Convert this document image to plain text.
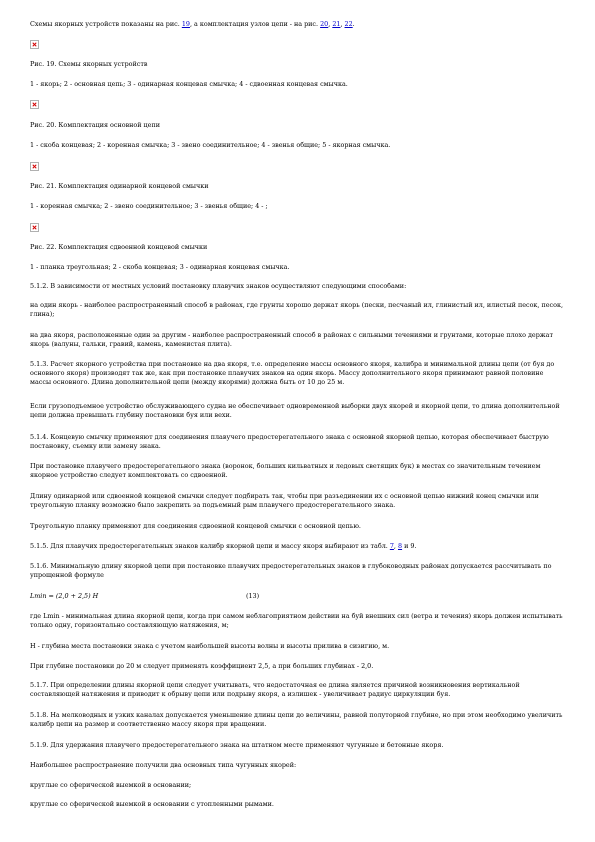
Схемы якорных устройств показаны на рис. 19, а комплектация узлов цепи - на рис. 20, 21, 22.

Рис. 19. Схемы якорных устройств

1 - якорь; 2 - основная цепь; 3 - одинарная концевая смычка; 4 - сдвоенная концевая смычка.

Рис. 20. Комплектация основной цепи

1 - скоба концевая; 2 - коренная смычка; 3 - звено соединительное; 4 - звенья общие; 5 - якорная смычка.

Рис. 21. Комплектация одинарной концевой смычки

1 - коренная смычка; 2 - звено соединительное; 3 - звенья общие; 4 - ;

Рис. 22. Комплектация сдвоенной концевой смычки

1 - планка треугольная; 2 - скоба концевая; 3 - одинарная концевая смычка.

5.1.2. В зависимости от местных условий постановку плавучих знаков осуществляют следующими способами:

на один якорь - наиболее распространенный способ в районах, где грунты хорошо держат якорь (пески, песчаный ил, глинистый ил, илистый песок, песок, глина);

на два якоря, расположенные один за другим - наиболее распространенный способ в районах с сильными течениями и грунтами, которые плохо держат якорь (валуны, гальки, гравий, камень, каменистая плита).

5.1.3. Расчет якорного устройства при постановке на два якоря, т.е. определение массы основного якоря, калибра и минимальной длины цепи (от буя до основного якоря) производят так же, как при постановке плавучих знаков на один якорь. Массу дополнительного якоря принимают равной половине массы основного. Длина дополнительной цепи (между якорями) должна быть от 10 до 25 м.

Если грузоподъемное устройство обслуживающего судна не обеспечивает одновременной выборки двух якорей и якорной цепи, то длина дополнительной цепи должна превышать глубину постановки буя или вехи.

5.1.4. Концевую смычку применяют для соединения плавучего предостерегательного знака с основной якорной цепью, которая обеспечивает быструю постановку, съемку или замену знака.

При постановке плавучего предостерегательного знака (воронок, больших кильватных и ледовых светящих бук) в местах со значительным течением якорное устройство следует комплектовать со сдвоенной.

Длину одинарной или сдвоенной концевой смычки следует подбирать так, чтобы при разъединении их с основной цепью нижний конец смычки или треугольную планку возможно было закрепить за подъемный рым плавучего предостерегательного знака.

Треугольную планку применяют для соединения сдвоенной концевой смычки с основной цепью.

5.1.5. Для плавучих предостерегательных знаков калибр якорной цепи и массу якоря выбирают из табл. 7, 8 и 9.

5.1.6. Минимальную длину якорной цепи при постановке плавучих предостерегательных знаков в глубоководных районах допускается рассчитывать по упрощенной формуле

Lmin = (2,0 + 2,5) H	(13)

где Lmin - минимальная длина якорной цепи, когда при самом неблагоприятном действии на буй внешних сил (ветра и течения) якорь должен испытывать только одну, горизонтально составляющую натяжения, м;

H - глубина места постановки знака с учетом наибольшей высоты волны и высоты прилива в сизигию, м.

При глубине постановки до 20 м следует применять коэффициент 2,5, а при больших глубинах - 2,0.

5.1.7. При определении длины якорной цепи следует учитывать, что недостаточная ее длина является причиной возникновения вертикальной составляющей натяжения и приводит к обрыву цепи или подрыву якоря, а излишек - увеличивает радиус циркуляции буя.

5.1.8. На мелководных и узких каналах допускается уменьшение длины цепи до величины, равной полуторной глубине, но при этом необходимо увеличить калибр цепи на размер и соответственно массу якоря при вращении.

5.1.9. Для удержания плавучего предостерегательного знака на штатном месте применяют чугунные и бетонные якоря.

Наибольшее распространение получили два основных типа чугунных якорей:

круглые со сферической выемкой в основании;

круглые со сферической выемкой в основании с утопленными рымами.
